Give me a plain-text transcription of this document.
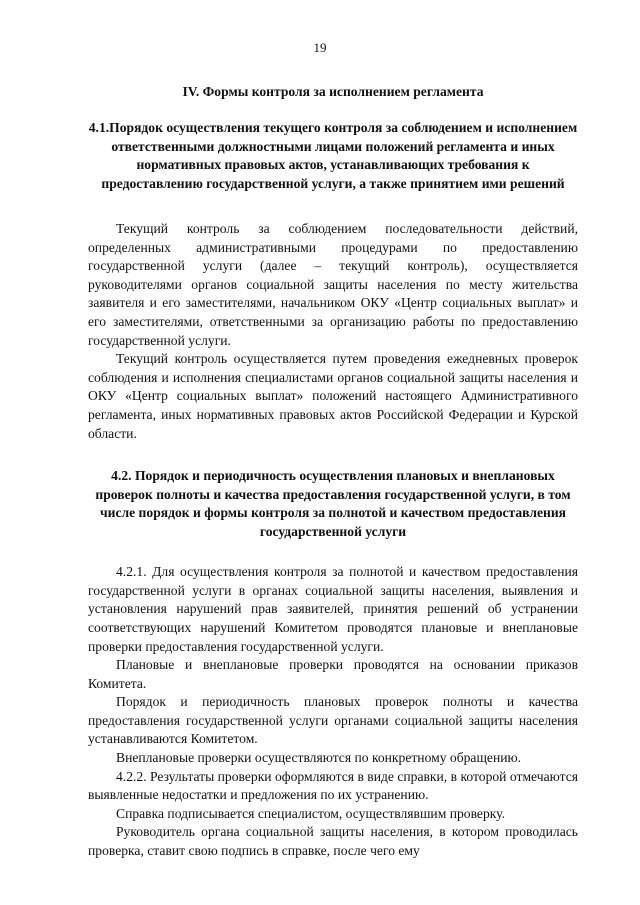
19
IV. Формы контроля за исполнением регламента
4.1.Порядок осуществления текущего контроля за соблюдением и исполнением ответственными должностными лицами положений регламента и иных нормативных правовых актов, устанавливающих требования к предоставлению государственной услуги, а также принятием ими решений

Текущий контроль за соблюдением последовательности действий, определенных административными процедурами по предоставлению государственной услуги (далее – текущий контроль), осуществляется руководителями органов социальной защиты населения по месту жительства заявителя и его заместителями, начальником ОКУ «Центр социальных выплат» и его заместителями, ответственными за организацию работы по предоставлению государственной услуги.

Текущий контроль осуществляется путем проведения ежедневных проверок соблюдения и исполнения специалистами органов социальной защиты населения и ОКУ «Центр социальных выплат» положений настоящего Административного регламента, иных нормативных правовых актов Российской Федерации и Курской области.

4.2. Порядок и периодичность осуществления плановых и внеплановых проверок полноты и качества предоставления государственной услуги, в том числе порядок и формы контроля за полнотой и качеством предоставления государственной услуги

4.2.1. Для осуществления контроля за полнотой и качеством предоставления государственной услуги в органах социальной защиты населения, выявления и установления нарушений прав заявителей, принятия решений об устранении соответствующих нарушений Комитетом проводятся плановые и внеплановые проверки предоставления государственной услуги.

Плановые и внеплановые проверки проводятся на основании приказов Комитета.

Порядок и периодичность плановых проверок полноты и качества предоставления государственной услуги органами социальной защиты населения устанавливаются Комитетом.

Внеплановые проверки осуществляются по конкретному обращению.

4.2.2. Результаты проверки оформляются в виде справки, в которой отмечаются выявленные недостатки и предложения по их устранению.

Справка подписывается специалистом, осуществлявшим проверку.

Руководитель органа социальной защиты населения, в котором проводилась проверка, ставит свою подпись в справке, после чего ему
